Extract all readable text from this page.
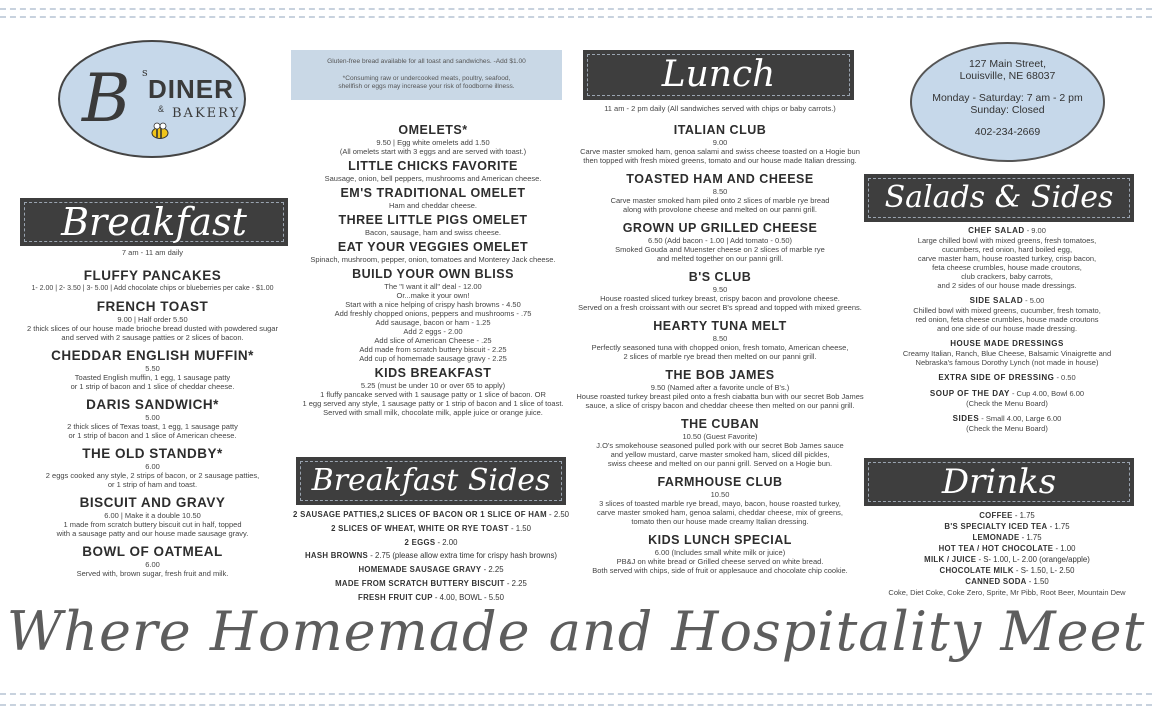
B s
DINER
& BAKERY
Gluten-free bread available for all toast and sandwiches. -Add $1.00
*Consuming raw or undercooked meats, poultry, seafood,
shellfish or eggs may increase your risk of foodborne illness.
127 Main Street,
Louisville, NE 68037
Monday - Saturday: 7 am - 2 pm
Sunday: Closed
402-234-2669
Breakfast
Lunch
Breakfast Sides
Salads & Sides
Drinks
7 am - 11 am daily
FLUFFY PANCAKES
1- 2.00 | 2- 3.50 | 3- 5.00 | Add chocolate chips or blueberries per cake - $1.00
FRENCH TOAST
9.00 | Half order 5.50
2 thick slices of our house made brioche bread dusted with powdered sugar
and served with 2 sausage patties or 2 slices of bacon.
CHEDDAR ENGLISH MUFFIN*
5.50
Toasted English muffin, 1 egg, 1 sausage patty
or 1 strip of bacon and 1 slice of cheddar cheese.
DARIS SANDWICH*
5.00
2 thick slices of Texas toast, 1 egg, 1 sausage patty
or 1 strip of bacon and 1 slice of American cheese.
THE OLD STANDBY*
6.00
2 eggs cooked any style, 2 strips of bacon, or 2 sausage patties,
or 1 strip of ham and toast.
BISCUIT AND GRAVY
6.00 | Make it a double 10.50
1 made from scratch buttery biscuit cut in half, topped
with a sausage patty and our house made sausage gravy.
BOWL OF OATMEAL
6.00
Served with, brown sugar, fresh fruit and milk.
OMELETS*
9.50 | Egg white omelets add 1.50
(All omelets start with 3 eggs and are served with toast.)
LITTLE CHICKS FAVORITE
Sausage, onion, bell peppers, mushrooms and American cheese.
EM'S TRADITIONAL OMELET
Ham and cheddar cheese.
THREE LITTLE PIGS OMELET
Bacon, sausage, ham and swiss cheese.
EAT YOUR VEGGIES OMELET
Spinach, mushroom, pepper, onion, tomatoes and Monterey Jack cheese.
BUILD YOUR OWN BLISS
The "I want it all" deal - 12.00
Or...make it your own!
Start with a nice helping of crispy hash browns - 4.50
Add freshly chopped onions, peppers and mushrooms - .75
Add sausage, bacon or ham - 1.25
Add 2 eggs - 2.00
Add slice of American Cheese - .25
Add made from scratch buttery biscuit - 2.25
Add cup of homemade sausage gravy - 2.25
KIDS BREAKFAST
5.25 (must be under 10 or over 65 to apply)
1 fluffy pancake served with 1 sausage patty or 1 slice of bacon. OR
1 egg served any style, 1 sausage patty or 1 strip of bacon and 1 slice of toast.
Served with small milk, chocolate milk, apple juice or orange juice.
2 SAUSAGE PATTIES,2 SLICES OF BACON OR 1 SLICE OF HAM - 2.50
2 SLICES OF WHEAT, WHITE OR RYE TOAST - 1.50
2 EGGS - 2.00
HASH BROWNS - 2.75 (please allow extra time for crispy hash browns)
HOMEMADE SAUSAGE GRAVY - 2.25
MADE FROM SCRATCH BUTTERY BISCUIT - 2.25
FRESH FRUIT CUP - 4.00, BOWL - 5.50
11 am - 2 pm daily (All sandwiches served with chips or baby carrots.)
ITALIAN CLUB
9.00
Carve master smoked ham, genoa salami and swiss cheese toasted on a Hogie bun
then topped with fresh mixed greens, tomato and our house made Italian dressing.
TOASTED HAM AND CHEESE
8.50
Carve master smoked ham piled onto 2 slices of marble rye bread
along with provolone cheese and melted on our panni grill.
GROWN UP GRILLED CHEESE
6.50 (Add bacon - 1.00 | Add tomato - 0.50)
Smoked Gouda and Muenster cheese on 2 slices of marble rye
and melted together on our panni grill.
B'S CLUB
9.50
House roasted sliced turkey breast, crispy bacon and provolone cheese.
Served on a fresh croissant with our secret B's spread and topped with mixed greens.
HEARTY TUNA MELT
8.50
Perfectly seasoned tuna with chopped onion, fresh tomato, American cheese,
2 slices of marble rye bread then melted on our panni grill.
THE BOB JAMES
9.50 (Named after a favorite uncle of B's.)
House roasted turkey breast piled onto a fresh ciabatta bun with our secret Bob James
sauce, a slice of crispy bacon and cheddar cheese then melted on our panni grill.
THE CUBAN
10.50 (Guest Favorite)
J.O's smokehouse seasoned pulled pork with our secret Bob James sauce
and yellow mustard, carve master smoked ham, sliced dill pickles,
swiss cheese and melted on our panni grill. Served on a Hogie bun.
FARMHOUSE CLUB
10.50
3 slices of toasted marble rye bread, mayo, bacon, house roasted turkey,
carve master smoked ham, genoa salami, cheddar cheese, mix of greens,
tomato then our house made creamy Italian dressing.
KIDS LUNCH SPECIAL
6.00 (Includes small white milk or juice)
PB&J on white bread or Grilled cheese served on white bread.
Both served with chips, side of fruit or applesauce and chocolate chip cookie.
CHEF SALAD - 9.00
Large chilled bowl with mixed greens, fresh tomatoes,
cucumbers, red onion, hard boiled egg,
carve master ham, house roasted turkey, crisp bacon,
feta cheese crumbles, house made croutons,
club crackers, baby carrots,
and 2 sides of our house made dressings.
SIDE SALAD - 5.00
Chilled bowl with mixed greens, cucumber, fresh tomato,
red onion, feta cheese crumbles, house made croutons
and one side of our house made dressing.
HOUSE MADE DRESSINGS
Creamy Italian, Ranch, Blue Cheese, Balsamic Vinaigrette and
Nebraska's famous Dorothy Lynch (not made in house)
EXTRA SIDE OF DRESSING - 0.50
SOUP OF THE DAY - Cup 4.00, Bowl 6.00
(Check the Menu Board)
SIDES - Small 4.00, Large 6.00
(Check the Menu Board)
COFFEE - 1.75
B'S SPECIALTY ICED TEA - 1.75
LEMONADE - 1.75
HOT TEA / HOT CHOCOLATE - 1.00
MILK / JUICE - S- 1.00, L- 2.00 (orange/apple)
CHOCOLATE MILK - S- 1.50, L- 2.50
CANNED SODA - 1.50
Coke, Diet Coke, Coke Zero, Sprite, Mr Pibb, Root Beer, Mountain Dew
Where Homemade and Hospitality Meet
